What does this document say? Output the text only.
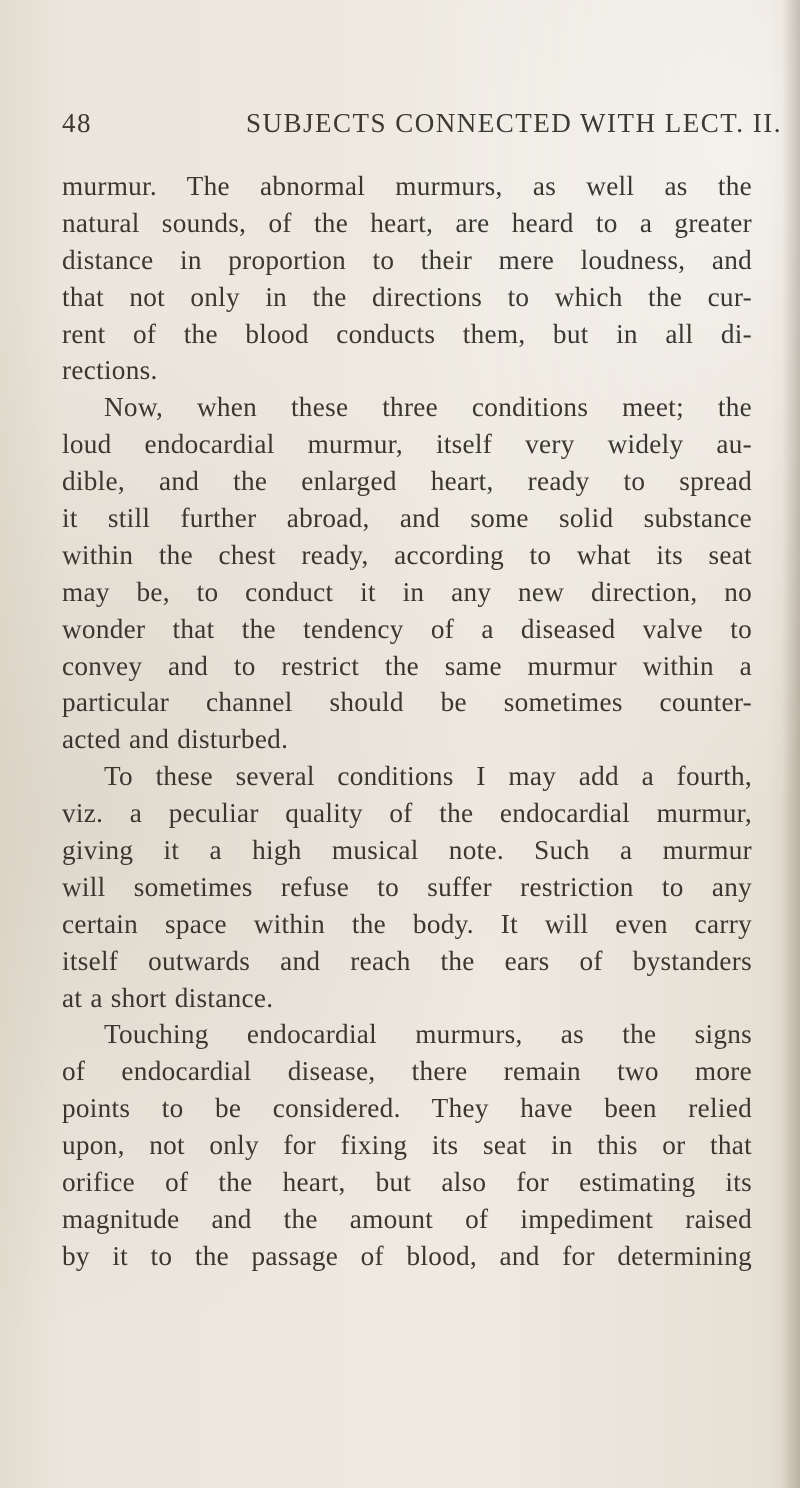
48	SUBJECTS CONNECTED WITH LECT. II.
murmur. The abnormal murmurs, as well as the
natural sounds, of the heart, are heard to a greater
distance in proportion to their mere loudness, and
that not only in the directions to which the cur-
rent of the blood conducts them, but in all di-
rections.
Now, when these three conditions meet; the
loud endocardial murmur, itself very widely au-
dible, and the enlarged heart, ready to spread
it still further abroad, and some solid substance
within the chest ready, according to what its seat
may be, to conduct it in any new direction, no
wonder that the tendency of a diseased valve to
convey and to restrict the same murmur within a
particular channel should be sometimes counter-
acted and disturbed.
To these several conditions I may add a fourth,
viz. a peculiar quality of the endocardial murmur,
giving it a high musical note. Such a murmur
will sometimes refuse to suffer restriction to any
certain space within the body. It will even carry
itself outwards and reach the ears of bystanders
at a short distance.
Touching endocardial murmurs, as the signs
of endocardial disease, there remain two more
points to be considered. They have been relied
upon, not only for fixing its seat in this or that
orifice of the heart, but also for estimating its
magnitude and the amount of impediment raised
by it to the passage of blood, and for determining
